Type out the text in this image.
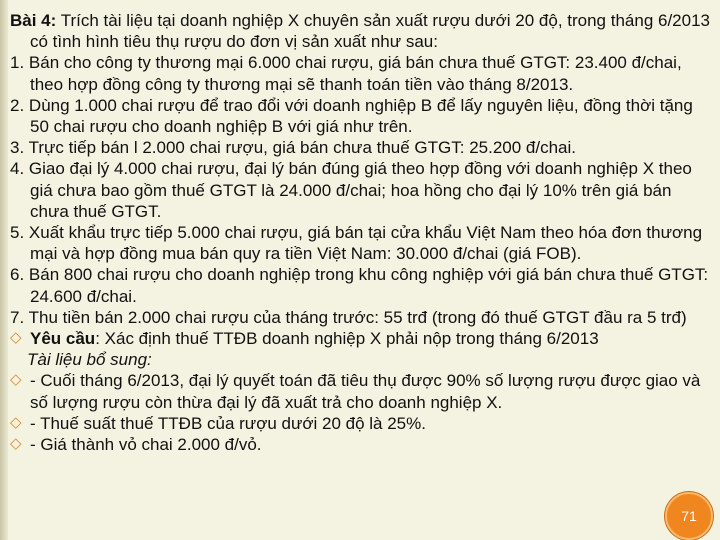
Bài 4: Trích tài liệu tại doanh nghiệp X chuyên sản xuất rượu dưới 20 độ, trong tháng 6/2013 có tình hình tiêu thụ rượu do đơn vị sản xuất như sau:

1. Bán cho công ty thương mại 6.000 chai rượu, giá bán chưa thuế GTGT: 23.400 đ/chai, theo hợp đồng công ty thương mại sẽ thanh toán tiền vào tháng 8/2013.

2. Dùng 1.000 chai rượu để trao đổi với doanh nghiệp B để lấy nguyên liệu, đồng thời tặng 50 chai rượu cho doanh nghiệp B với giá như trên.

3. Trực tiếp bán l 2.000 chai rượu, giá bán chưa thuế GTGT: 25.200 đ/chai.

4. Giao đại lý 4.000 chai rượu, đại lý bán đúng giá theo hợp đồng với doanh nghiệp X theo giá chưa bao gồm thuế GTGT là 24.000 đ/chai; hoa hồng cho đại lý 10% trên giá bán chưa thuế GTGT.

5. Xuất khẩu trực tiếp 5.000 chai rượu, giá bán tại cửa khẩu Việt Nam theo hóa đơn thương mại và hợp đồng mua bán quy ra tiền Việt Nam: 30.000 đ/chai (giá FOB).

6. Bán 800 chai rượu cho doanh nghiệp trong khu công nghiệp với giá bán chưa thuế GTGT: 24.600 đ/chai.

7. Thu tiền bán 2.000 chai rượu của tháng trước: 55 trđ (trong đó thuế GTGT đầu ra 5 trđ)

◇ Yêu cầu: Xác định thuế TTĐB doanh nghiệp X phải nộp trong tháng 6/2013

Tài liệu bổ sung:

◇ - Cuối tháng 6/2013, đại lý quyết toán đã tiêu thụ được 90% số lượng rượu được giao và số lượng rượu còn thừa đại lý đã xuất trả cho doanh nghiệp X.

◇ - Thuế suất thuế TTĐB của rượu dưới 20 độ là 25%.

◇ - Giá thành vỏ chai 2.000 đ/vỏ.

71
